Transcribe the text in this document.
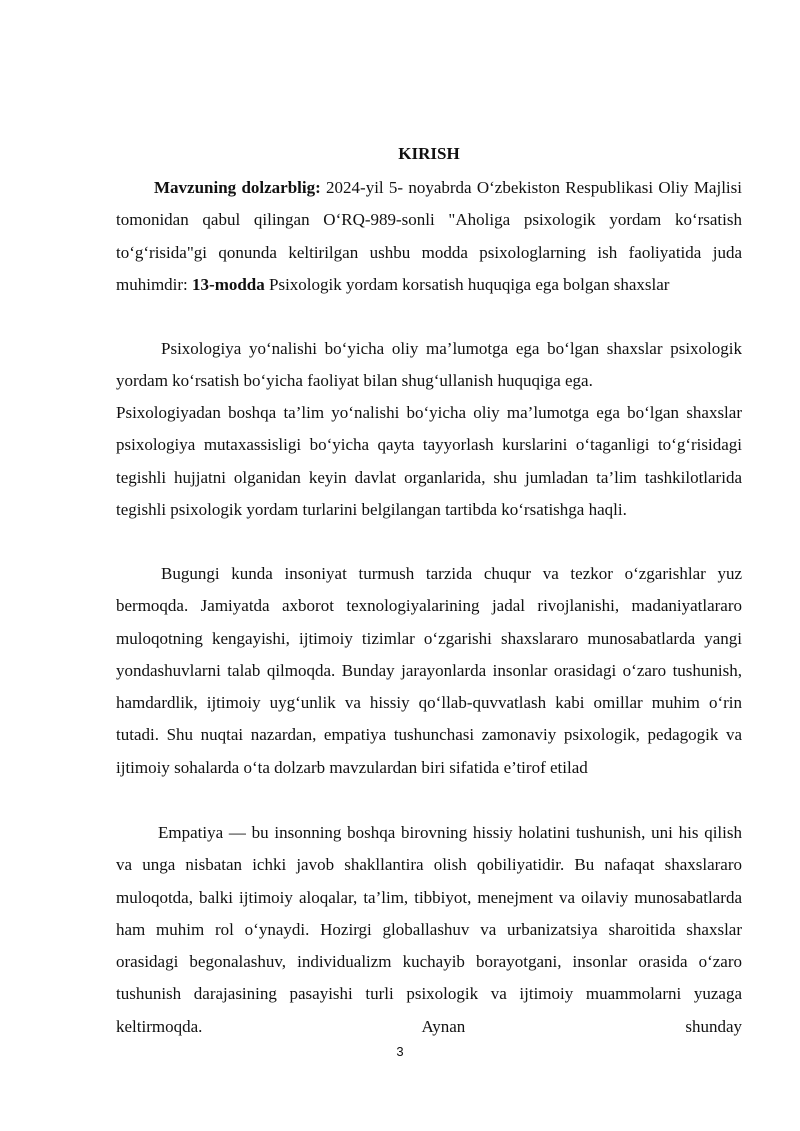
KIRISH

Mavzuning dolzarblig: 2024-yil 5- noyabrda O‘zbekiston Respublikasi Oliy Majlisi tomonidan qabul qilingan O‘RQ-989-sonli "Aholiga psixologik yordam ko‘rsatish to‘g‘risida"gi qonunda keltirilgan ushbu modda psixologlarning ish faoliyatida juda muhimdir: 13-modda Psixologik yordam korsatish huquqiga ega bolgan shaxslar

Psixologiya yo‘nalishi bo‘yicha oliy ma’lumotga ega bo‘lgan shaxslar psixologik yordam ko‘rsatish bo‘yicha faoliyat bilan shug‘ullanish huquqiga ega.

Psixologiyadan boshqa ta’lim yo‘nalishi bo‘yicha oliy ma’lumotga ega bo‘lgan shaxslar psixologiya mutaxassisligi bo‘yicha qayta tayyorlash kurslarini o‘taganligi to‘g‘risidagi tegishli hujjatni olganidan keyin davlat organlarida, shu jumladan ta’lim tashkilotlarida tegishli psixologik yordam turlarini belgilangan tartibda ko‘rsatishga haqli.

Bugungi kunda insoniyat turmush tarzida chuqur va tezkor o‘zgarishlar yuz bermoqda. Jamiyatda axborot texnologiyalarining jadal rivojlanishi, madaniyatlararo muloqotning kengayishi, ijtimoiy tizimlar o‘zgarishi shaxslararo munosabatlarda yangi yondashuvlarni talab qilmoqda. Bunday jarayonlarda insonlar orasidagi o‘zaro tushunish, hamdardlik, ijtimoiy uyg‘unlik va hissiy qo‘llab-quvvatlash kabi omillar muhim o‘rin tutadi. Shu nuqtai nazardan, empatiya tushunchasi zamonaviy psixologik, pedagogik va ijtimoiy sohalarda o‘ta dolzarb mavzulardan biri sifatida e’tirof etilad

Empatiya — bu insonning boshqa birovning hissiy holatini tushunish, uni his qilish va unga nisbatan ichki javob shakllantira olish qobiliyatidir. Bu nafaqat shaxslararo muloqotda, balki ijtimoiy aloqalar, ta’lim, tibbiyot, menejment va oilaviy munosabatlarda ham muhim rol o‘ynaydi. Hozirgi globallashuv va urbanizatsiya sharoitida shaxslar orasidagi begonalashuv, individualizm kuchayib borayotgani, insonlar orasida o‘zaro tushunish darajasining pasayishi turli psixologik va ijtimoiy muammolarni yuzaga keltirmoqda. Aynan shunday

3
